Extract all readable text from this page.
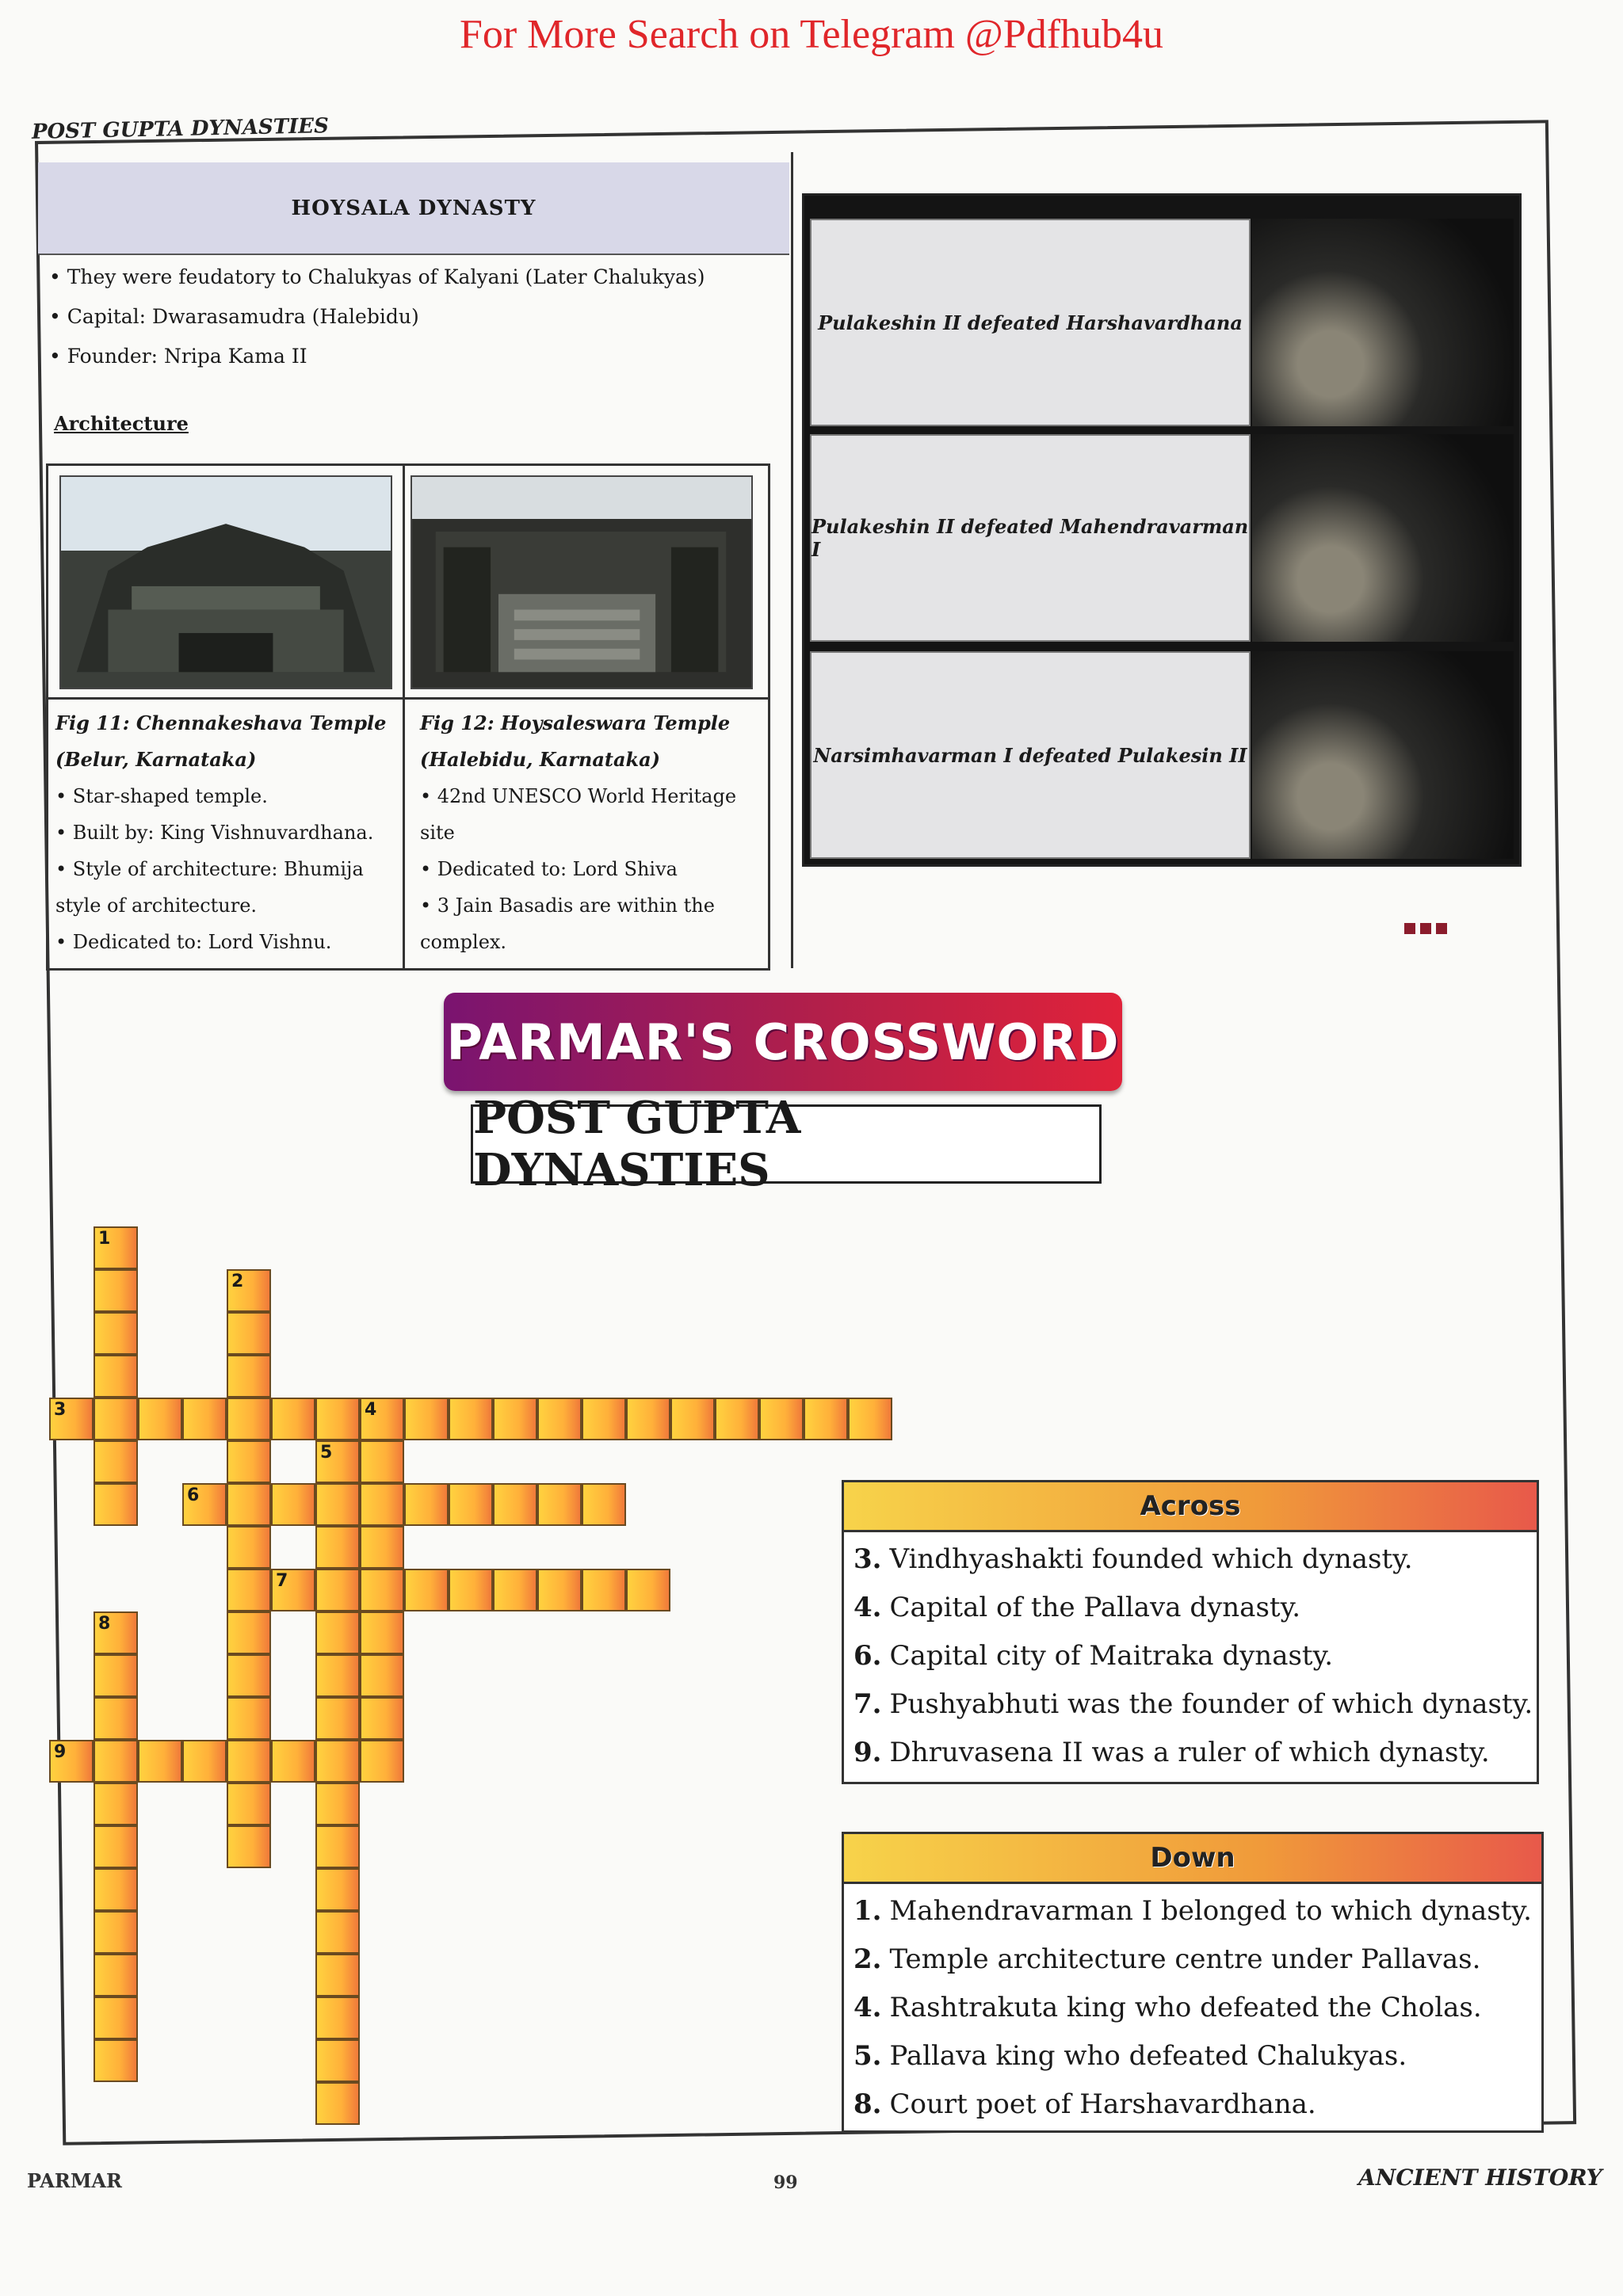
For More Search on Telegram @Pdfhub4u
POST GUPTA DYNASTIES
HOYSALA DYNASTY
• They were feudatory to Chalukyas of Kalyani (Later Chalukyas)
• Capital: Dwarasamudra (Halebidu)
• Founder: Nripa Kama II
Architecture
Fig 11: Chennakeshava Temple (Belur, Karnataka)
• Star-shaped temple.
• Built by: King Vishnuvardhana.
• Style of architecture: Bhumija style of architecture.
• Dedicated to: Lord Vishnu.
Fig 12: Hoysaleswara Temple (Halebidu, Karnataka)
• 42nd UNESCO World Heritage site
• Dedicated to: Lord Shiva
• 3 Jain Basadis are within the complex.
Pulakeshin II defeated Harshavardhana
Pulakeshin II defeated Mahendravarman I
Narsimhavarman I defeated Pulakesin II
PARMAR'S CROSSWORD
POST GUPTA DYNASTIES
1
2
3	4
5
6
7
8
9
Across
3. Vindhyashakti founded which dynasty.
4. Capital of the Pallava dynasty.
6. Capital city of Maitraka dynasty.
7. Pushyabhuti was the founder of which dynasty.
9. Dhruvasena II was a ruler of which dynasty.
Down
1. Mahendravarman I belonged to which dynasty.
2. Temple architecture centre under Pallavas.
4. Rashtrakuta king who defeated the Cholas.
5. Pallava king who defeated Chalukyas.
8. Court poet of Harshavardhana.
PARMAR	99	ANCIENT HISTORY
